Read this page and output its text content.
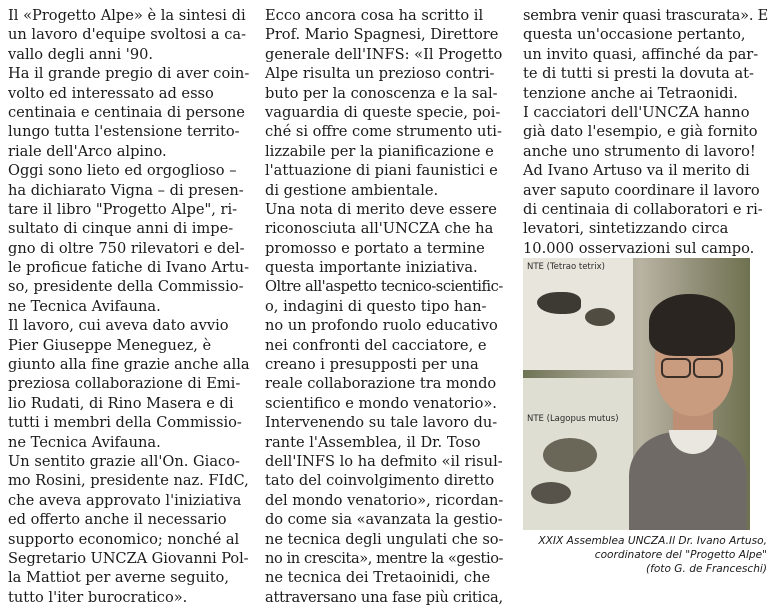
Il «Progetto Alpe» è la sintesi di
un lavoro d'equipe svoltosi a ca-
vallo degli anni '90.
Ha il grande pregio di aver coin-
volto ed interessato ad esso
centinaia e centinaia di persone
lungo tutta l'estensione territo-
riale dell'Arco alpino.
Oggi sono lieto ed orgoglioso –
ha dichiarato Vigna – di presen-
tare il libro "Progetto Alpe", ri-
sultato di cinque anni di impe-
gno di oltre 750 rilevatori e del-
le proficue fatiche di Ivano Artu-
so, presidente della Commissio-
ne Tecnica Avifauna.
Il lavoro, cui aveva dato avvio
Pier Giuseppe Meneguez, è
giunto alla fine grazie anche alla
preziosa collaborazione di Emi-
lio Rudati, di Rino Masera e di
tutti i membri della Commissio-
ne Tecnica Avifauna.
Un sentito grazie all'On. Giaco-
mo Rosini, presidente naz. FIdC,
che aveva approvato l'iniziativa
ed offerto anche il necessario
supporto economico; nonché al
Segretario UNCZA Giovanni Pol-
la Mattiot per averne seguito,
tutto l'iter burocratico».
Ecco ancora cosa ha scritto il
Prof. Mario Spagnesi, Direttore
generale dell'INFS: «Il Progetto
Alpe risulta un prezioso contri-
buto per la conoscenza e la sal-
vaguardia di queste specie, poi-
ché si offre come strumento uti-
lizzabile per la pianificazione e
l'attuazione di piani faunistici e
di gestione ambientale.
Una nota di merito deve essere
riconosciuta all'UNCZA che ha
promosso e portato a termine
questa importante iniziativa.
Oltre all'aspetto tecnico-scientific-
o, indagini di questo tipo han-
no un profondo ruolo educativo
nei confronti del cacciatore, e
creano i presupposti per una
reale collaborazione tra mondo
scientifico e mondo venatorio».
Intervenendo su tale lavoro du-
rante l'Assemblea, il Dr. Toso
dell'INFS lo ha defmito «il risul-
tato del coinvolgimento diretto
del mondo venatorio», ricordan-
do come sia «avanzata la gestio-
ne tecnica degli ungulati che so-
no in crescita», mentre la «gestio-
ne tecnica dei Tretaoinidi, che
attraversano una fase più critica,
sembra venir quasi trascurata». E
questa un'occasione pertanto,
un invito quasi, affinché da par-
te di tutti si presti la dovuta at-
tenzione anche ai Tetraonidi.
I cacciatori dell'UNCZA hanno
già dato l'esempio, e già fornito
anche uno strumento di lavoro!
Ad Ivano Artuso va il merito di
aver saputo coordinare il lavoro
di centinaia di collaboratori e ri-
levatori, sintetizzando circa
10.000 osservazioni sul campo.
NTE (Tetrao tetrix)
NTE (Lagopus mutus)
XXIX Assemblea UNCZA.Il Dr. Ivano Artuso,
coordinatore del "Progetto Alpe"
(foto G. de Franceschi)
